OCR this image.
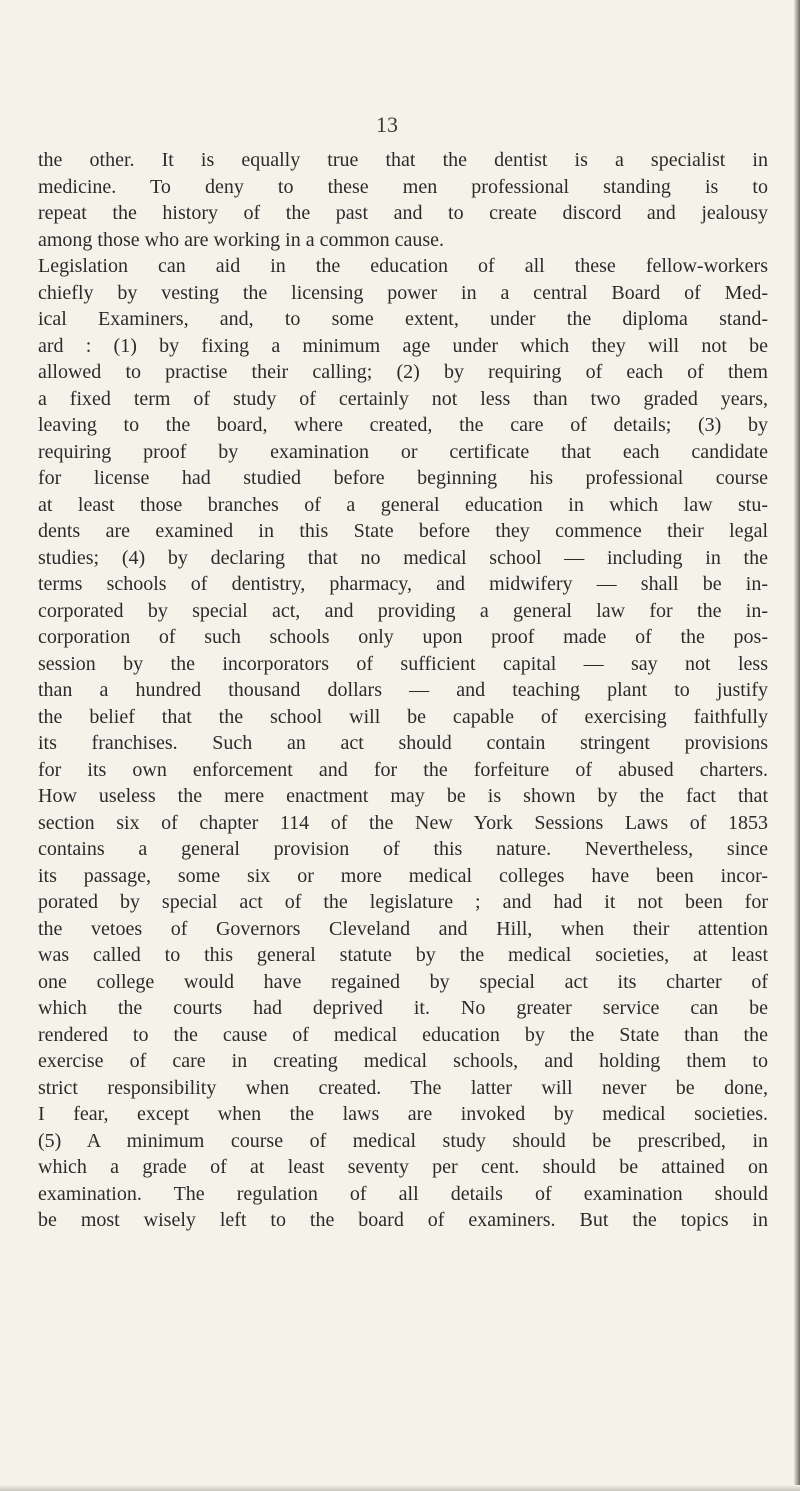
13
the other. It is equally true that the dentist is a specialist in
medicine. To deny to these men professional standing is to
repeat the history of the past and to create discord and jealousy
among those who are working in a common cause.
Legislation can aid in the education of all these fellow-workers
chiefly by vesting the licensing power in a central Board of Med-
ical Examiners, and, to some extent, under the diploma stand-
ard : (1) by fixing a minimum age under which they will not be
allowed to practise their calling; (2) by requiring of each of them
a fixed term of study of certainly not less than two graded years,
leaving to the board, where created, the care of details; (3) by
requiring proof by examination or certificate that each candidate
for license had studied before beginning his professional course
at least those branches of a general education in which law stu-
dents are examined in this State before they commence their legal
studies; (4) by declaring that no medical school — including in the
terms schools of dentistry, pharmacy, and midwifery — shall be in-
corporated by special act, and providing a general law for the in-
corporation of such schools only upon proof made of the pos-
session by the incorporators of sufficient capital — say not less
than a hundred thousand dollars — and teaching plant to justify
the belief that the school will be capable of exercising faithfully
its franchises. Such an act should contain stringent provisions
for its own enforcement and for the forfeiture of abused charters.
How useless the mere enactment may be is shown by the fact that
section six of chapter 114 of the New York Sessions Laws of 1853
contains a general provision of this nature. Nevertheless, since
its passage, some six or more medical colleges have been incor-
porated by special act of the legislature ; and had it not been for
the vetoes of Governors Cleveland and Hill, when their attention
was called to this general statute by the medical societies, at least
one college would have regained by special act its charter of
which the courts had deprived it. No greater service can be
rendered to the cause of medical education by the State than the
exercise of care in creating medical schools, and holding them to
strict responsibility when created. The latter will never be done,
I fear, except when the laws are invoked by medical societies.
(5) A minimum course of medical study should be prescribed, in
which a grade of at least seventy per cent. should be attained on
examination. The regulation of all details of examination should
be most wisely left to the board of examiners. But the topics in
